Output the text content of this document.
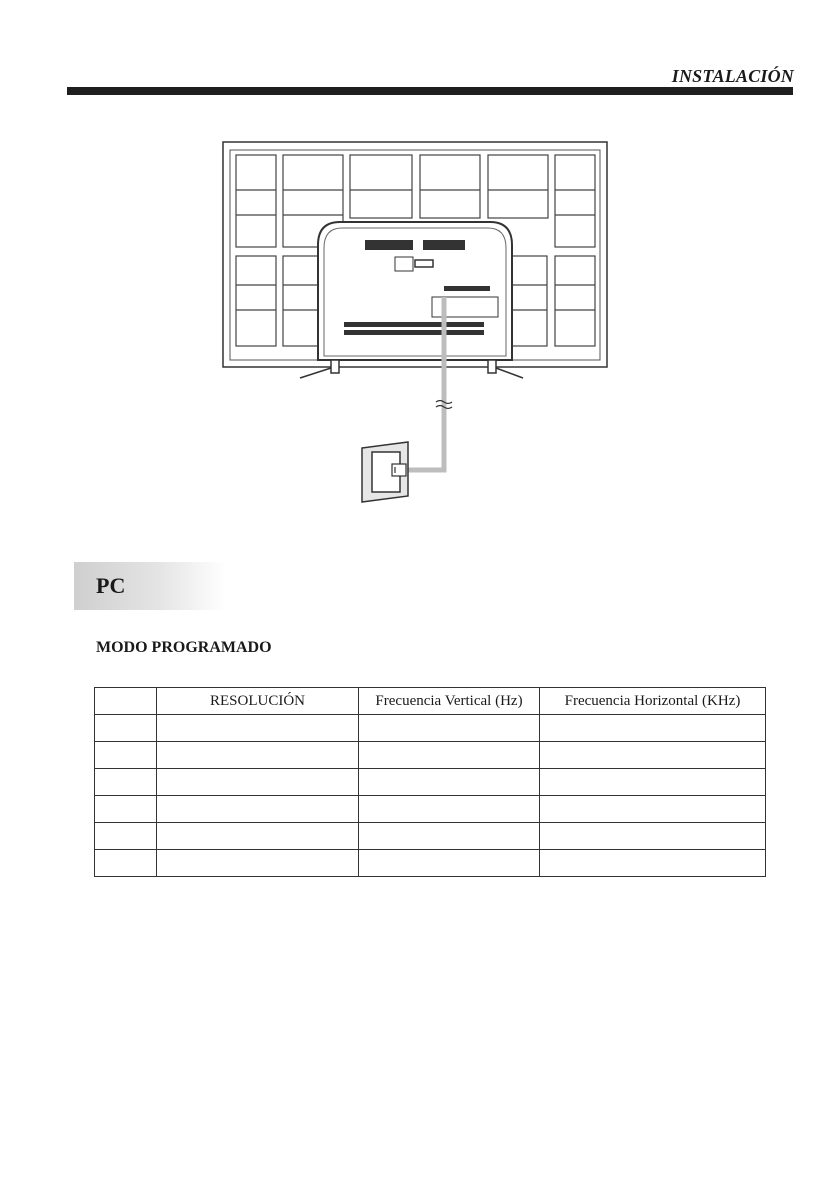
INSTALACIÓN
PC
MODO PROGRAMADO
	RESOLUCIÓN	Frecuencia Vertical (Hz)	Frecuencia Horizontal (KHz)
